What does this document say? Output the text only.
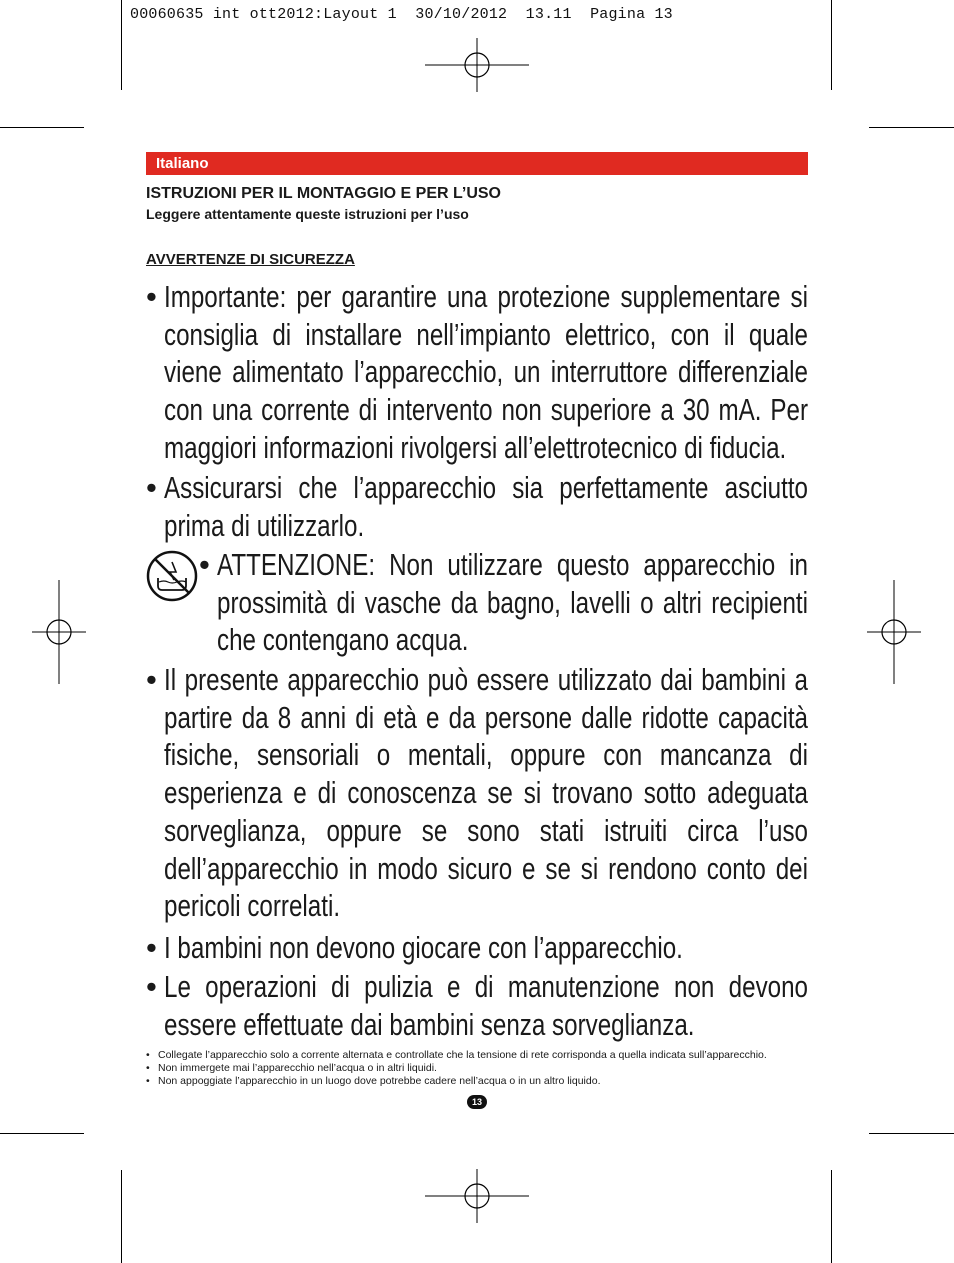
00060635 int ott2012:Layout 1  30/10/2012  13.11  Pagina 13
Italiano
ISTRUZIONI PER IL MONTAGGIO E PER L’USO
Leggere attentamente queste istruzioni per l’uso
AVVERTENZE DI SICUREZZA
• Importante: per garantire una protezione supplementare si consiglia di installare nell’impianto elettrico, con il quale viene alimentato l’apparecchio, un interruttore differenziale con una corrente di intervento non superiore a 30 mA. Per maggiori informazioni rivolgersi all’elettrotecnico di fiducia.
• Assicurarsi che l’apparecchio sia perfettamente asciutto prima di utilizzarlo.
• ATTENZIONE: Non utilizzare questo apparecchio in prossimità di vasche da bagno, lavelli o altri recipienti che contengano acqua.
• Il presente apparecchio può essere utilizzato dai bambini a partire da 8 anni di età e da persone dalle ridotte capacità fisiche, sensoriali o mentali, oppure con mancanza di esperienza e di conoscenza se si trovano sotto adeguata sorveglianza, oppure se sono stati istruiti circa l’uso dell’apparecchio in modo sicuro e se si rendono conto dei pericoli correlati.
• I bambini non devono giocare con l’apparecchio.
• Le operazioni di pulizia e di manutenzione non devono essere effettuate dai bambini senza sorveglianza.
• Collegate l’apparecchio solo a corrente alternata e controllate che la tensione di rete corrisponda a quella indicata sull’apparecchio.
• Non immergete mai l’apparecchio nell’acqua o in altri liquidi.
• Non appoggiate l’apparecchio in un luogo dove potrebbe cadere nell’acqua o in un altro liquido.
13
